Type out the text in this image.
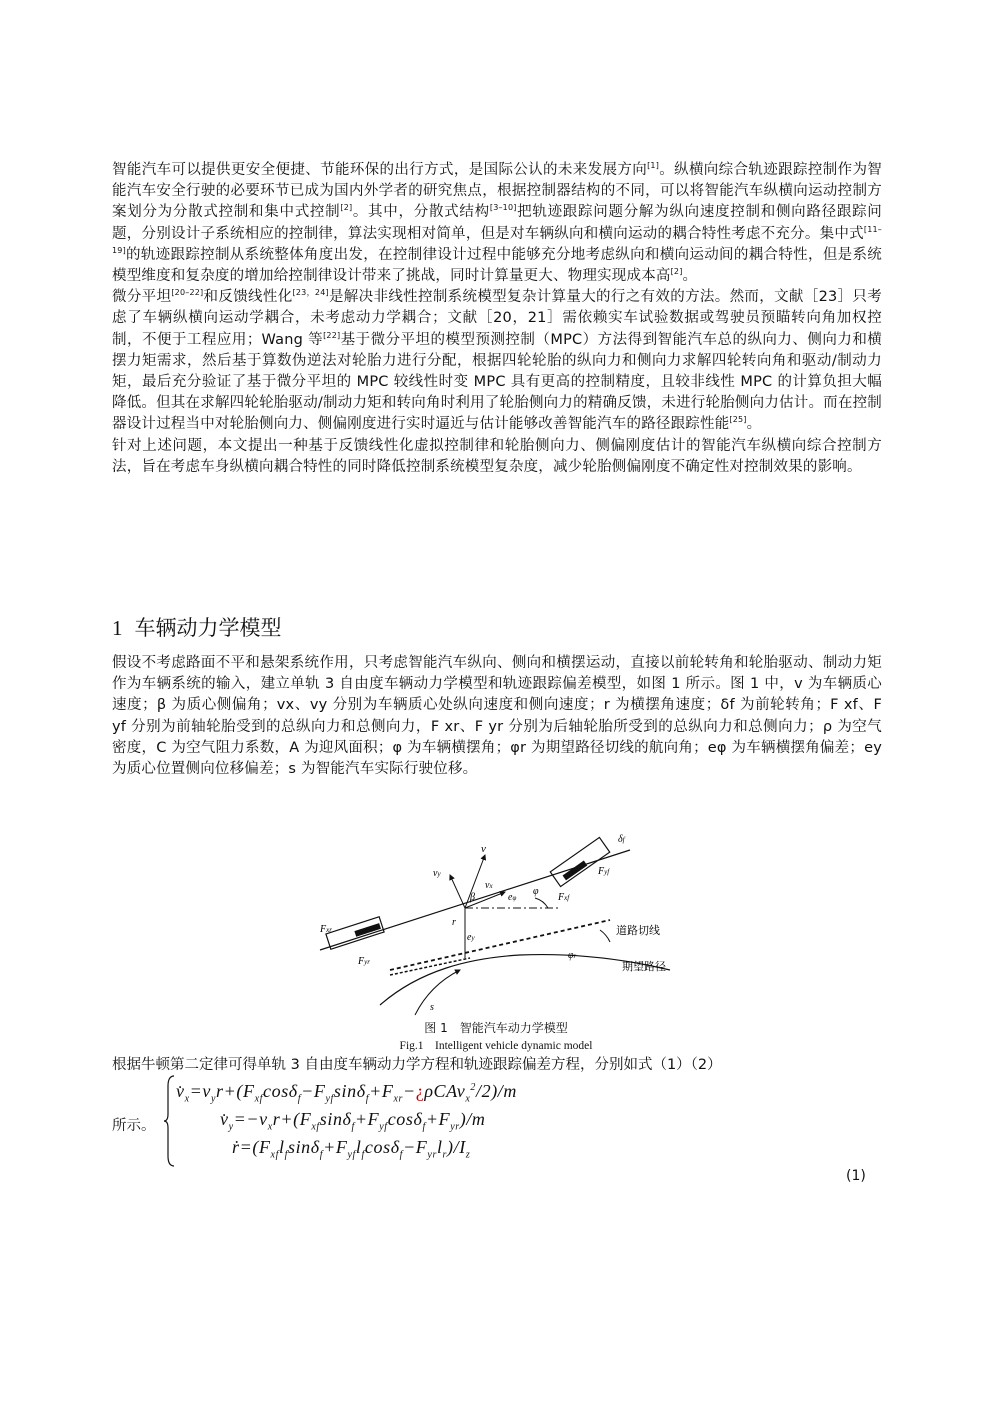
智能汽车可以提供更安全便捷、节能环保的出行方式，是国际公认的未来发展方向[1]。纵横向综合轨迹跟踪控制作为智能汽车安全行驶的必要环节已成为国内外学者的研究焦点，根据控制器结构的不同，可以将智能汽车纵横向运动控制方案划分为分散式控制和集中式控制[2]。其中，分散式结构[3–10]把轨迹跟踪问题分解为纵向速度控制和侧向路径跟踪问题，分别设计子系统相应的控制律，算法实现相对简单，但是对车辆纵向和横向运动的耦合特性考虑不充分。集中式[11–19]的轨迹跟踪控制从系统整体角度出发，在控制律设计过程中能够充分地考虑纵向和横向运动间的耦合特性，但是系统模型维度和复杂度的增加给控制律设计带来了挑战，同时计算量更大、物理实现成本高[2]。

微分平坦[20–22]和反馈线性化[23，24]是解决非线性控制系统模型复杂计算量大的行之有效的方法。然而，文献［23］只考虑了车辆纵横向运动学耦合，未考虑动力学耦合；文献［20，21］需依赖实车试验数据或驾驶员预瞄转向角加权控制，不便于工程应用；Wang 等[22]基于微分平坦的模型预测控制（MPC）方法得到智能汽车总的纵向力、侧向力和横摆力矩需求，然后基于算数伪逆法对轮胎力进行分配，根据四轮轮胎的纵向力和侧向力求解四轮转向角和驱动/制动力矩，最后充分验证了基于微分平坦的 MPC 较线性时变 MPC 具有更高的控制精度，且较非线性 MPC 的计算负担大幅降低。但其在求解四轮轮胎驱动/制动力矩和转向角时利用了轮胎侧向力的精确反馈，未进行轮胎侧向力估计。而在控制器设计过程当中对轮胎侧向力、侧偏刚度进行实时逼近与估计能够改善智能汽车的路径跟踪性能[25]。

针对上述问题，本文提出一种基于反馈线性化虚拟控制律和轮胎侧向力、侧偏刚度估计的智能汽车纵横向综合控制方法，旨在考虑车身纵横向耦合特性的同时降低控制系统模型复杂度，减少轮胎侧偏刚度不确定性对控制效果的影响。

1 车辆动力学模型

假设不考虑路面不平和悬架系统作用，只考虑智能汽车纵向、侧向和横摆运动，直接以前轮转角和轮胎驱动、制动力矩作为车辆系统的输入，建立单轨 3 自由度车辆动力学模型和轨迹跟踪偏差模型，如图 1 所示。图 1 中，v 为车辆质心速度；β 为质心侧偏角；vx、vy 分别为车辆质心处纵向速度和侧向速度；r 为横摆角速度；δf 为前轮转角；F xf、F yf 分别为前轴轮胎受到的总纵向力和总侧向力，F xr、F yr 分别为后轴轮胎所受到的总纵向力和总侧向力；ρ 为空气密度，C 为空气阻力系数，A 为迎风面积；φ 为车辆横摆角；φr 为期望路径切线的航向角；eφ 为车辆横摆角偏差；ey 为质心位置侧向位移偏差；s 为智能汽车实际行驶位移。

v
vy
vx
β	eφ
φ
r
ey
s
Fxr
Fyr
Fxf
Fyf
δf
φr
道路切线
期望路径
图 1　智能汽车动力学模型
Fig.1　Intelligent vehicle dynamic model
根据牛顿第二定律可得单轨 3 自由度车辆动力学方程和轨迹跟踪偏差方程，分别如式（1）（2）
所示。
$v̇_x=v_yr+(F_{xf}\cos\delta_f-F_{yf}\sin\delta_f+F_{xr}-¿\rho CAv_x^2/2)/m$
$v̇_y=-v_xr+(F_{xf}\sin\delta_f+F_{yf}\cos\delta_f+F_{yr})/m$
$ṙ=(F_{xf}l_f\sin\delta_f+F_{yf}l_f\cos\delta_f-F_{yr}l_r)/I_z$
(1)
